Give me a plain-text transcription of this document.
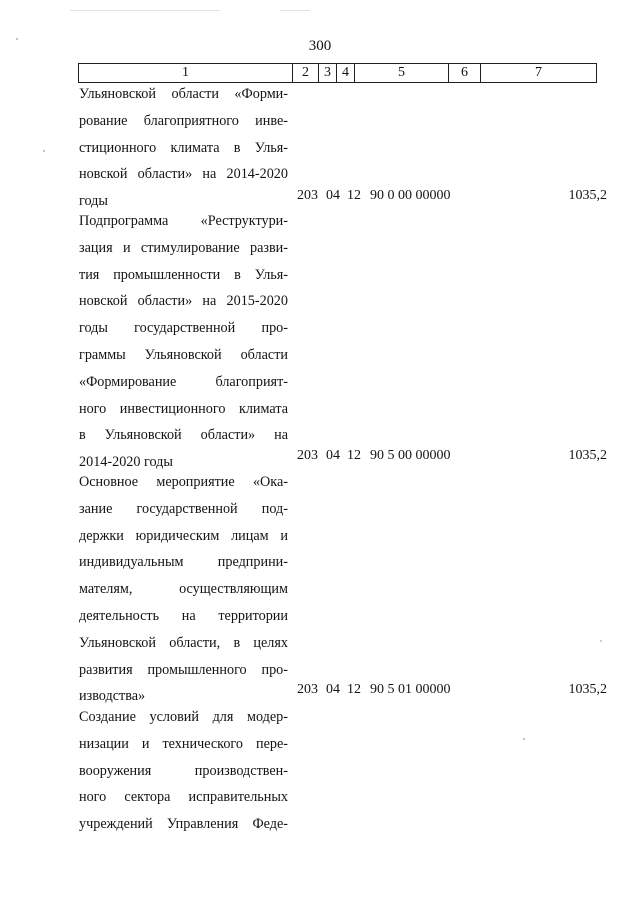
300
1	2	3	4	5	6	7
Ульяновской области «Форми-
рование благоприятного инве-
стиционного климата в Улья-
новской области» на 2014-2020
годы	203 04 12 90 0 00 00000	1035,2
Подпрограмма «Реструктури-
зация и стимулирование разви-
тия промышленности в Улья-
новской области» на 2015-2020
годы государственной про-
граммы Ульяновской области
«Формирование благоприят-
ного инвестиционного климата
в Ульяновской области» на
2014-2020 годы	203 04 12 90 5 00 00000	1035,2
Основное мероприятие «Ока-
зание государственной под-
держки юридическим лицам и
индивидуальным предприни-
мателям, осуществляющим
деятельность на территории
Ульяновской области, в целях
развития промышленного про-
изводства»	203 04 12 90 5 01 00000	1035,2
Создание условий для модер-
низации и технического пере-
вооружения производствен-
ного сектора исправительных
учреждений Управления Феде-
